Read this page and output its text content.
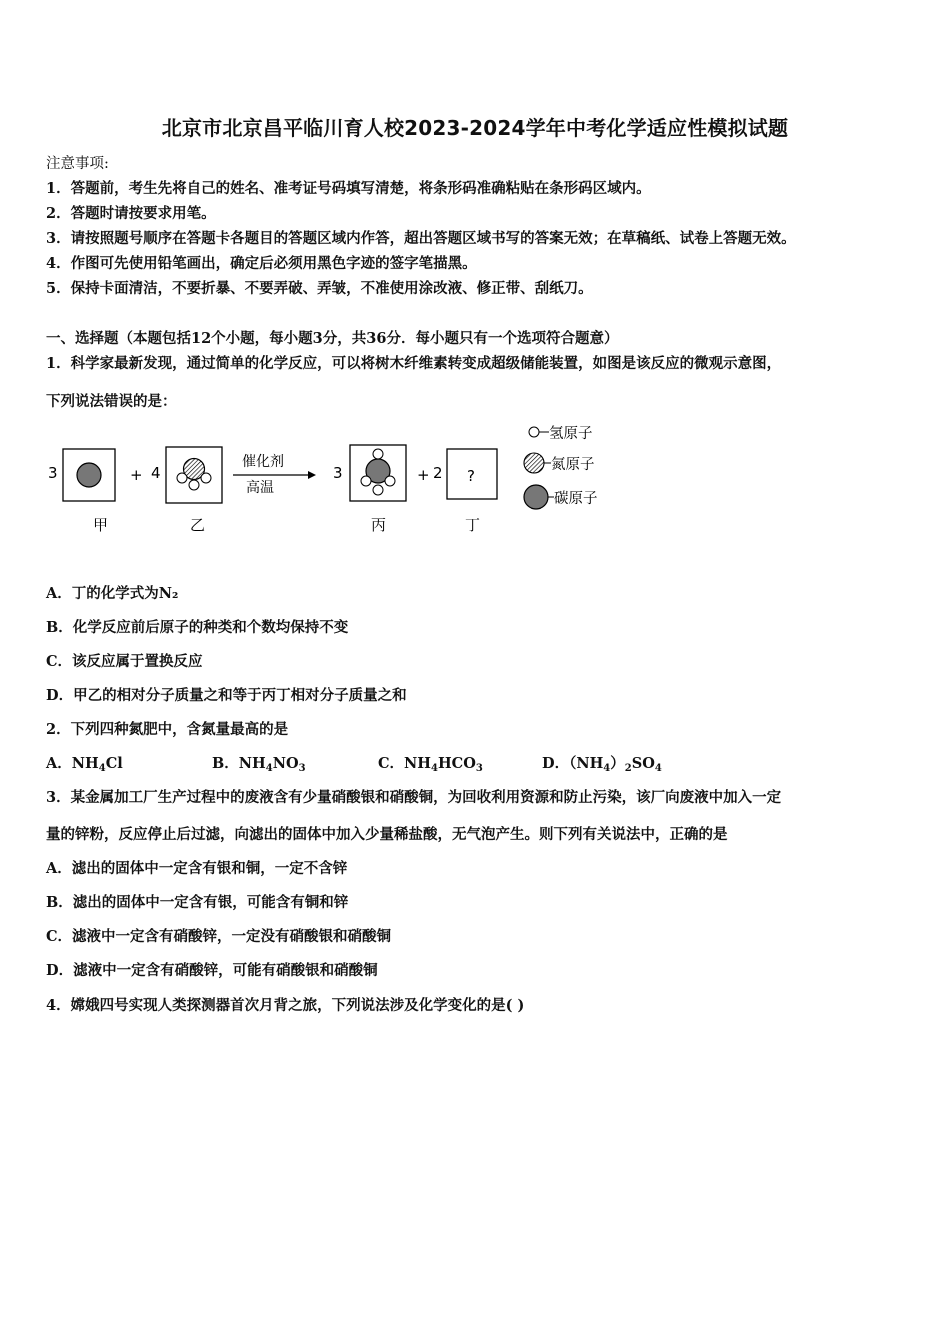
北京市北京昌平临川育人校2023-2024学年中考化学适应性模拟试题
注意事项:
1．答题前，考生先将自己的姓名、准考证号码填写清楚，将条形码准确粘贴在条形码区域内。
2．答题时请按要求用笔。
3．请按照题号顺序在答题卡各题目的答题区域内作答，超出答题区域书写的答案无效；在草稿纸、试卷上答题无效。
4．作图可先使用铅笔画出，确定后必须用黑色字迹的签字笔描黑。
5．保持卡面清洁，不要折暴、不要弄破、弄皱，不准使用涂改液、修正带、刮纸刀。
一、选择题（本题包括12个小题，每小题3分，共36分．每小题只有一个选项符合题意）
1．科学家最新发现，通过简单的化学反应，可以将树木纤维素转变成超级储能装置，如图是该反应的微观示意图，
下列说法错误的是：
3
甲
+ 4
乙
催化剂
高温
3
丙
+ 2 ?
丁
氢原子
氮原子
碳原子
A．丁的化学式为N₂
B．化学反应前后原子的种类和个数均保持不变
C．该反应属于置换反应
D．甲乙的相对分子质量之和等于丙丁相对分子质量之和
2．下列四种氮肥中，含氮量最高的是
A．$NH_4Cl$	B．$NH_4NO_3$	C．$NH_4HCO_3$	D．$(NH_4)_2SO_4$
3．某金属加工厂生产过程中的废液含有少量硝酸银和硝酸铜，为回收利用资源和防止污染，该厂向废液中加入一定
量的锌粉，反应停止后过滤，向滤出的固体中加入少量稀盐酸，无气泡产生。则下列有关说法中，正确的是
A．滤出的固体中一定含有银和铜，一定不含锌
B．滤出的固体中一定含有银，可能含有铜和锌
C．滤液中一定含有硝酸锌，一定没有硝酸银和硝酸铜
D．滤液中一定含有硝酸锌，可能有硝酸银和硝酸铜
4．嫦娥四号实现人类探测器首次月背之旅，下列说法涉及化学变化的是( )
